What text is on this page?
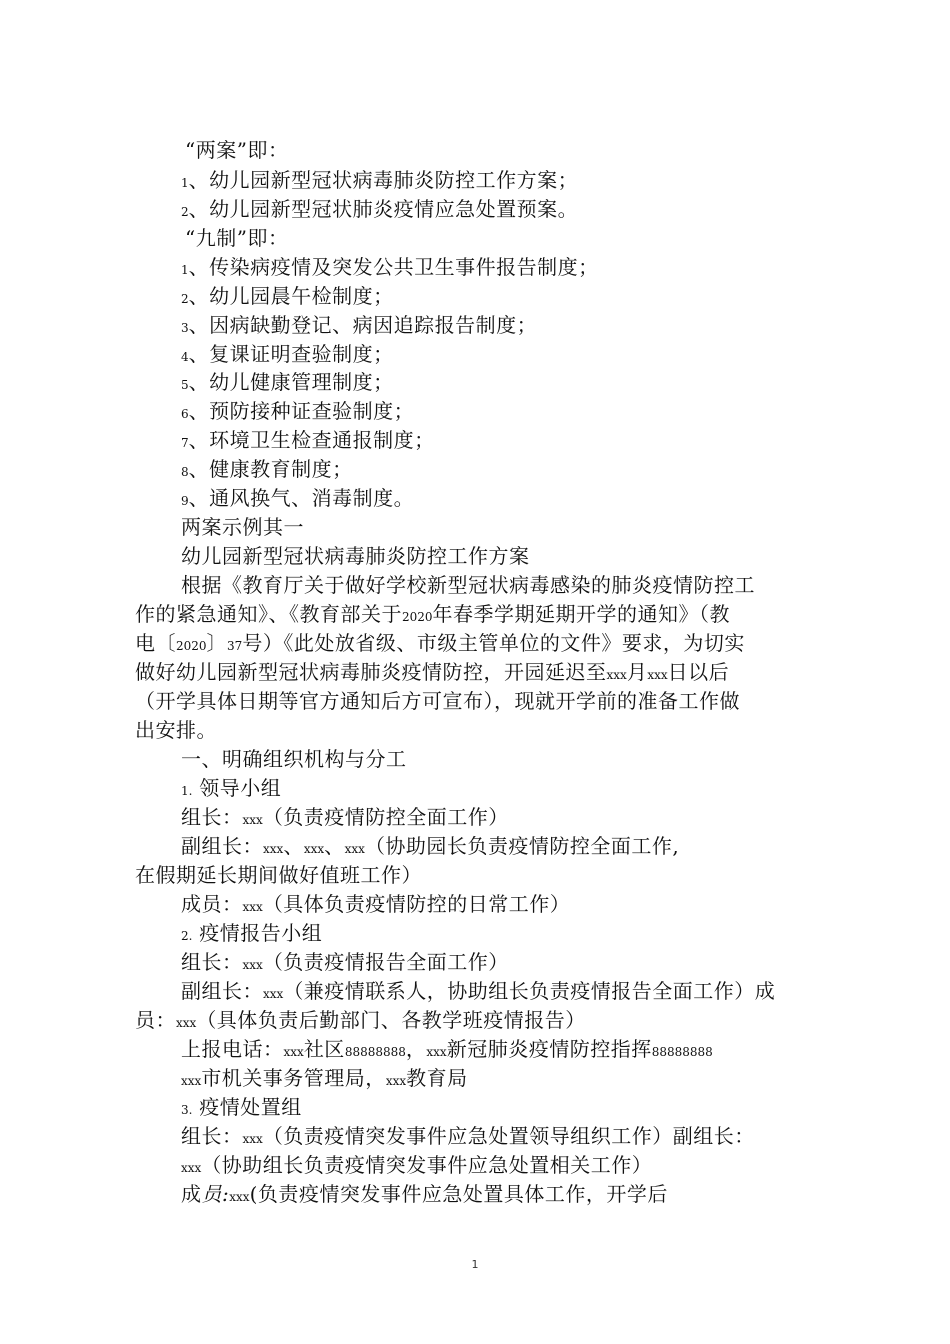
“两案”即：
1、幼儿园新型冠状病毒肺炎防控工作方案；
2、幼儿园新型冠状肺炎疫情应急处置预案。
“九制”即：
1、传染病疫情及突发公共卫生事件报告制度；
2、幼儿园晨午检制度；
3、因病缺勤登记、病因追踪报告制度；
4、复课证明查验制度；
5、幼儿健康管理制度；
6、预防接种证查验制度；
7、环境卫生检查通报制度；
8、健康教育制度；
9、通风换气、消毒制度。
两案示例其一
幼儿园新型冠状病毒肺炎防控工作方案
根据《教育厅关于做好学校新型冠状病毒感染的肺炎疫情防控工
作的紧急通知》、《教育部关于2020年春季学期延期开学的通知》（教
电〔2020〕37号）《此处放省级、市级主管单位的文件》要求，为切实
做好幼儿园新型冠状病毒肺炎疫情防控，开园延迟至xxx月xxx日以后
（开学具体日期等官方通知后方可宣布），现就开学前的准备工作做
出安排。
一、明确组织机构与分工
1. 领导小组
组长：xxx（负责疫情防控全面工作）
副组长：xxx、xxx、xxx（协助园长负责疫情防控全面工作,
在假期延长期间做好值班工作）
成员：xxx（具体负责疫情防控的日常工作）
2. 疫情报告小组
组长：xxx（负责疫情报告全面工作）
副组长：xxx（兼疫情联系人，协助组长负责疫情报告全面工作）成
员：xxx（具体负责后勤部门、各教学班疫情报告）
上报电话：xxx社区88888888，xxx新冠肺炎疫情防控指挥88888888
xxx市机关事务管理局，xxx教育局
3. 疫情处置组
组长：xxx（负责疫情突发事件应急处置领导组织工作）副组长：
xxx（协助组长负责疫情突发事件应急处置相关工作）
成员:xxx(负责疫情突发事件应急处置具体工作，开学后
1
